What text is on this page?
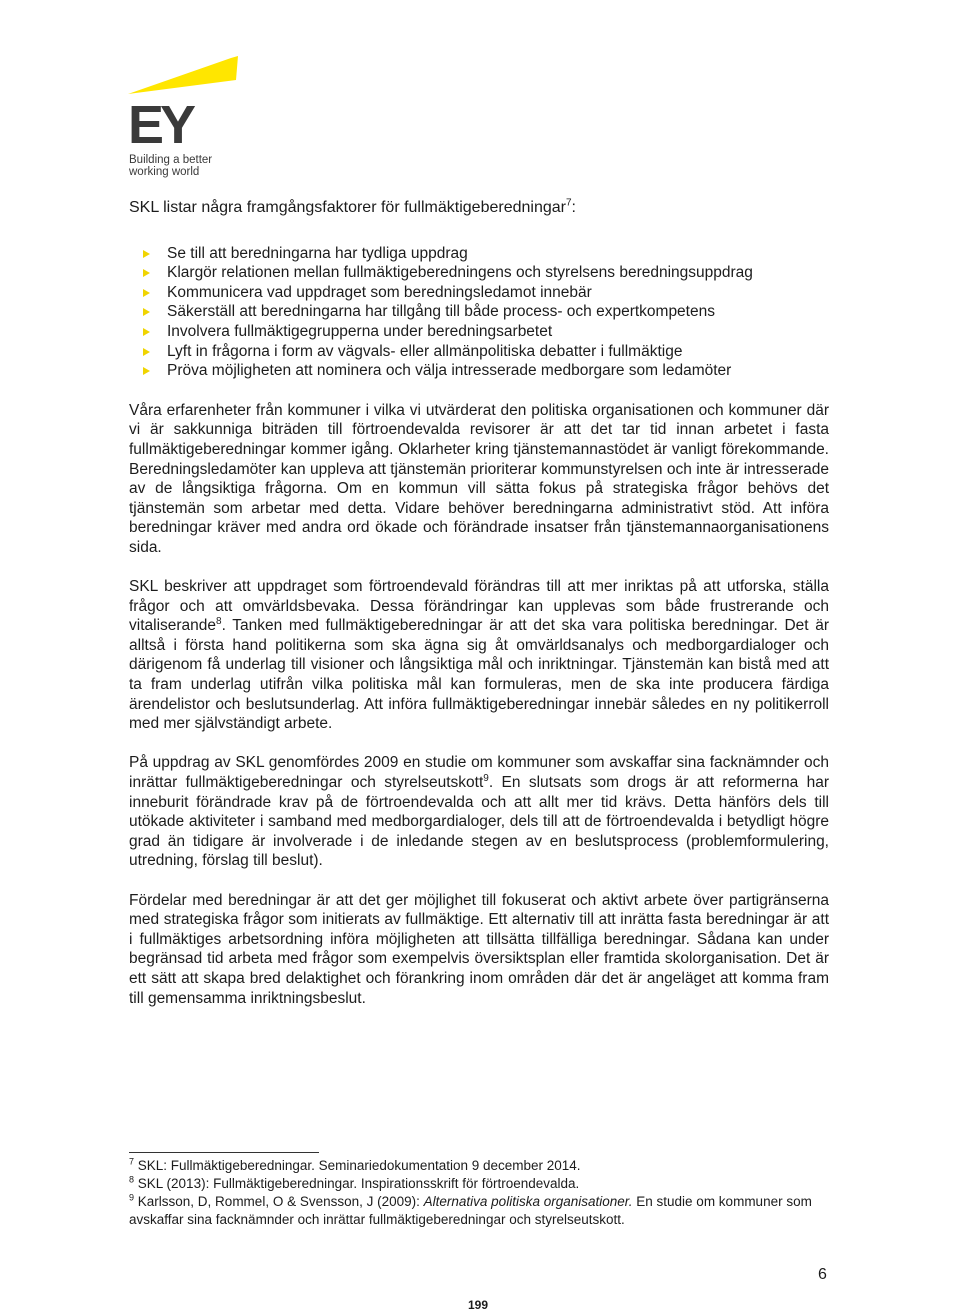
EY
Building a better working world

SKL listar några framgångsfaktorer för fullmäktigeberedningar$^7$:

Se till att beredningarna har tydliga uppdrag
Klargör relationen mellan fullmäktigeberedningens och styrelsens beredningsuppdrag
Kommunicera vad uppdraget som beredningsledamot innebär
Säkerställ att beredningarna har tillgång till både process- och expertkompetens
Involvera fullmäktigegrupperna under beredningsarbetet
Lyft in frågorna i form av vägvals- eller allmänpolitiska debatter i fullmäktige
Pröva möjligheten att nominera och välja intresserade medborgare som ledamöter

Våra erfarenheter från kommuner i vilka vi utvärderat den politiska organisationen och kommuner där vi är sakkunniga biträden till förtroendevalda revisorer är att det tar tid innan arbetet i fasta fullmäktigeberedningar kommer igång. Oklarheter kring tjänstemannastödet är vanligt förekommande. Beredningsledamöter kan uppleva att tjänstemän prioriterar kommunstyrelsen och inte är intresserade av de långsiktiga frågorna. Om en kommun vill sätta fokus på strategiska frågor behövs det tjänstemän som arbetar med detta. Vidare behöver beredningarna administrativt stöd. Att införa beredningar kräver med andra ord ökade och förändrade insatser från tjänstemannaorganisationens sida.

SKL beskriver att uppdraget som förtroendevald förändras till att mer inriktas på att utforska, ställa frågor och att omvärldsbevaka. Dessa förändringar kan upplevas som både frustrerande och vitaliserande$^8$. Tanken med fullmäktigeberedningar är att det ska vara politiska beredningar. Det är alltså i första hand politikerna som ska ägna sig åt omvärldsanalys och medborgardialoger och därigenom få underlag till visioner och långsiktiga mål och inriktningar. Tjänstemän kan bistå med att ta fram underlag utifrån vilka politiska mål kan formuleras, men de ska inte producera färdiga ärendelistor och beslutsunderlag. Att införa fullmäktigeberedningar innebär således en ny politikerroll med mer självständigt arbete.

På uppdrag av SKL genomfördes 2009 en studie om kommuner som avskaffar sina facknämnder och inrättar fullmäktigeberedningar och styrelseutskott$^9$. En slutsats som drogs är att reformerna har inneburit förändrade krav på de förtroendevalda och att allt mer tid krävs. Detta hänförs dels till utökade aktiviteter i samband med medborgardialoger, dels till att de förtroendevalda i betydligt högre grad än tidigare är involverade i de inledande stegen av en beslutsprocess (problemformulering, utredning, förslag till beslut).

Fördelar med beredningar är att det ger möjlighet till fokuserat och aktivt arbete över partigränserna med strategiska frågor som initierats av fullmäktige. Ett alternativ till att inrätta fasta beredningar är att i fullmäktiges arbetsordning införa möjligheten att tillsätta tillfälliga beredningar. Sådana kan under begränsad tid arbeta med frågor som exempelvis översiktsplan eller framtida skolorganisation. Det är ett sätt att skapa bred delaktighet och förankring inom områden där det är angeläget att komma fram till gemensamma inriktningsbeslut.

$^7$ SKL: Fullmäktigeberedningar. Seminariedokumentation 9 december 2014.

$^8$ SKL (2013): Fullmäktigeberedningar. Inspirationsskrift för förtroendevalda.

$^9$ Karlsson, D, Rommel, O & Svensson, J (2009): Alternativa politiska organisationer. En studie om kommuner som avskaffar sina facknämnder och inrättar fullmäktigeberedningar och styrelseutskott.

6
199
